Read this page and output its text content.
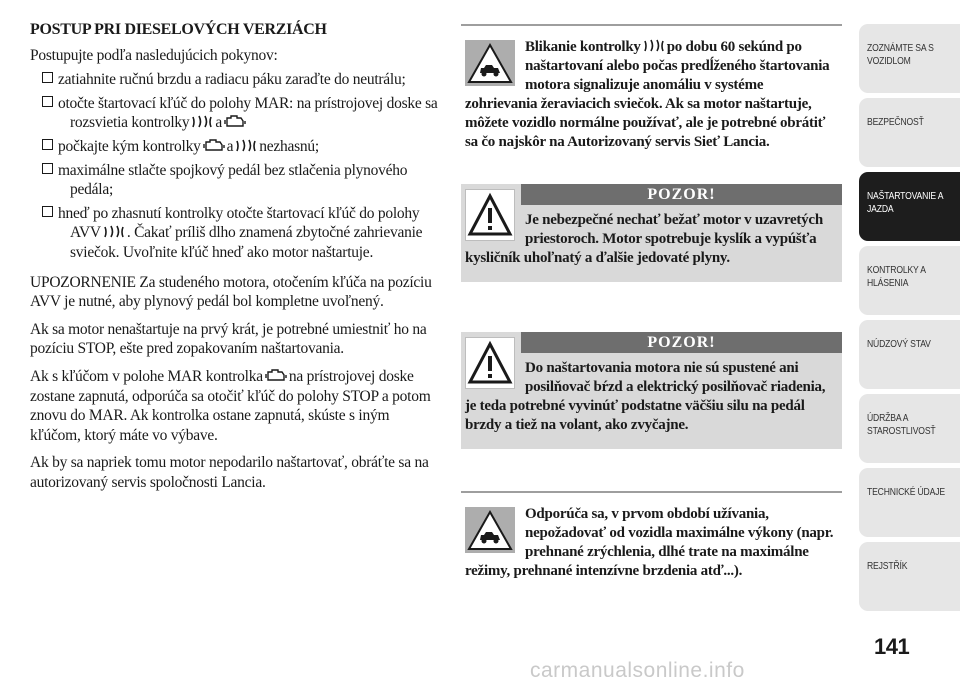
POSTUP PRI DIESELOVÝCH VERZIÁCH

Postupujte podľa nasledujúcich pokynov:

zatiahnite ručnú brzdu a radiacu páku zaraďte do neutrálu;
otočte štartovací kľúč do polohy MAR: na prístrojovej doske sa rozsvietia kontrolky a
počkajte kým kontrolky a nezhasnú;
maximálne stlačte spojkový pedál bez stlačenia plynového pedála;
hneď po zhasnutí kontrolky otočte štartovací kľúč do polohy AVV . Čakať príliš dlho znamená zbytočné zahrievanie sviečok. Uvoľnite kľúč hneď ako motor naštartuje.

UPOZORNENIE Za studeného motora, otočením kľúča na pozíciu AVV je nutné, aby plynový pedál bol kompletne uvoľnený.

Ak sa motor nenaštartuje na prvý krát, je potrebné umiestniť ho na pozíciu STOP, ešte pred zopakovaním naštartovania.

Ak s kľúčom v polohe MAR kontrolka na prístrojovej doske zostane zapnutá, odporúča sa otočiť kľúč do polohy STOP a potom znovu do MAR. Ak kontrolka ostane zapnutá, skúste s iným kľúčom, ktorý máte vo výbave.

Ak by sa napriek tomu motor nepodarilo naštartovať, obráťte sa na autorizovaný servis spoločnosti Lancia.

Blikanie kontrolky po dobu 60 sekúnd po naštartovaní alebo počas predĺženého štartovania motora signalizuje anomáliu v systéme zohrievania žeraviacich sviečok. Ak sa motor naštartuje, môžete vozidlo normálne používať, ale je potrebné obrátiť sa čo najskôr na Autorizovaný servis Sieť Lancia.
POZOR!
Je nebezpečné nechať bežať motor v uzavretých priestoroch. Motor spotrebuje kyslík a vypúšťa kysličník uhoľnatý a ďalšie jedovaté plyny.
POZOR!
Do naštartovania motora nie sú spustené ani posilňovač bŕzd a elektrický posilňovač riadenia, je teda potrebné vyvinúť podstatne väčšiu silu na pedál brzdy a tiež na volant, ako zvyčajne.
Odporúča sa, v prvom období užívania, nepožadovať od vozidla maximálne výkony (napr. prehnané zrýchlenia, dlhé trate na maximálne režimy, prehnané intenzívne brzdenia atď...).
ZOZNÁMTE SA S VOZIDLOM
BEZPEČNOSŤ
NAŠTARTOVANIE A JAZDA
KONTROLKY A HLÁSENIA
NÚDZOVÝ STAV
ÚDRŽBA A STAROSTLIVOSŤ
TECHNICKÉ ÚDAJE
REJSTŘÍK
141
carmanualsonline.info
